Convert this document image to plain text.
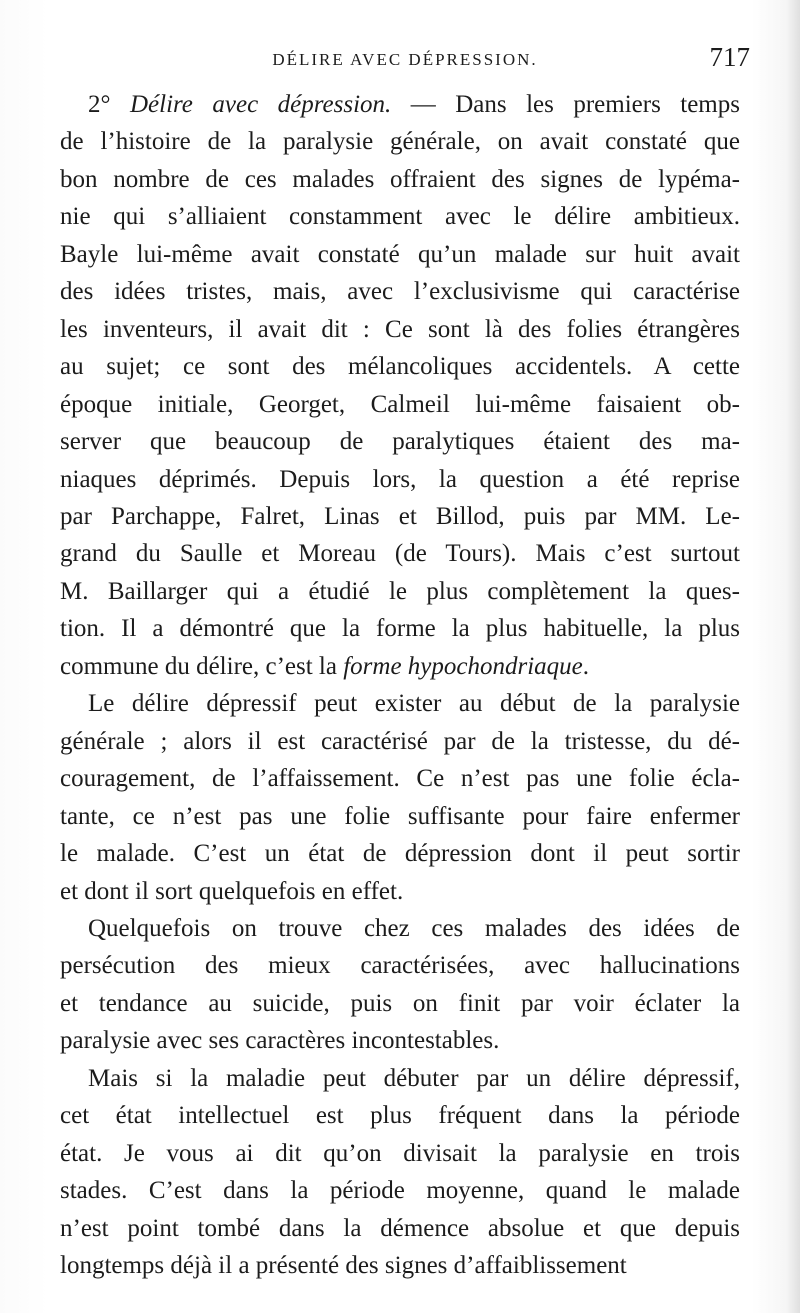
DÉLIRE AVEC DÉPRESSION.	717

2° Délire avec dépression. — Dans les premiers temps
de l’histoire de la paralysie générale, on avait constaté que
bon nombre de ces malades offraient des signes de lypéma-
nie qui s’alliaient constamment avec le délire ambitieux.
Bayle lui-même avait constaté qu’un malade sur huit avait
des idées tristes, mais, avec l’exclusivisme qui caractérise
les inventeurs, il avait dit : Ce sont là des folies étrangères
au sujet; ce sont des mélancoliques accidentels. A cette
époque initiale, Georget, Calmeil lui-même faisaient ob-
server que beaucoup de paralytiques étaient des ma-
niaques déprimés. Depuis lors, la question a été reprise
par Parchappe, Falret, Linas et Billod, puis par MM. Le-
grand du Saulle et Moreau (de Tours). Mais c’est surtout
M. Baillarger qui a étudié le plus complètement la ques-
tion. Il a démontré que la forme la plus habituelle, la plus
commune du délire, c’est la forme hypochondriaque.

Le délire dépressif peut exister au début de la paralysie
générale ; alors il est caractérisé par de la tristesse, du dé-
couragement, de l’affaissement. Ce n’est pas une folie écla-
tante, ce n’est pas une folie suffisante pour faire enfermer
le malade. C’est un état de dépression dont il peut sortir
et dont il sort quelquefois en effet.

Quelquefois on trouve chez ces malades des idées de
persécution des mieux caractérisées, avec hallucinations
et tendance au suicide, puis on finit par voir éclater la
paralysie avec ses caractères incontestables.

Mais si la maladie peut débuter par un délire dépressif,
cet état intellectuel est plus fréquent dans la période
état. Je vous ai dit qu’on divisait la paralysie en trois
stades. C’est dans la période moyenne, quand le malade
n’est point tombé dans la démence absolue et que depuis
longtemps déjà il a présenté des signes d’affaiblissement
